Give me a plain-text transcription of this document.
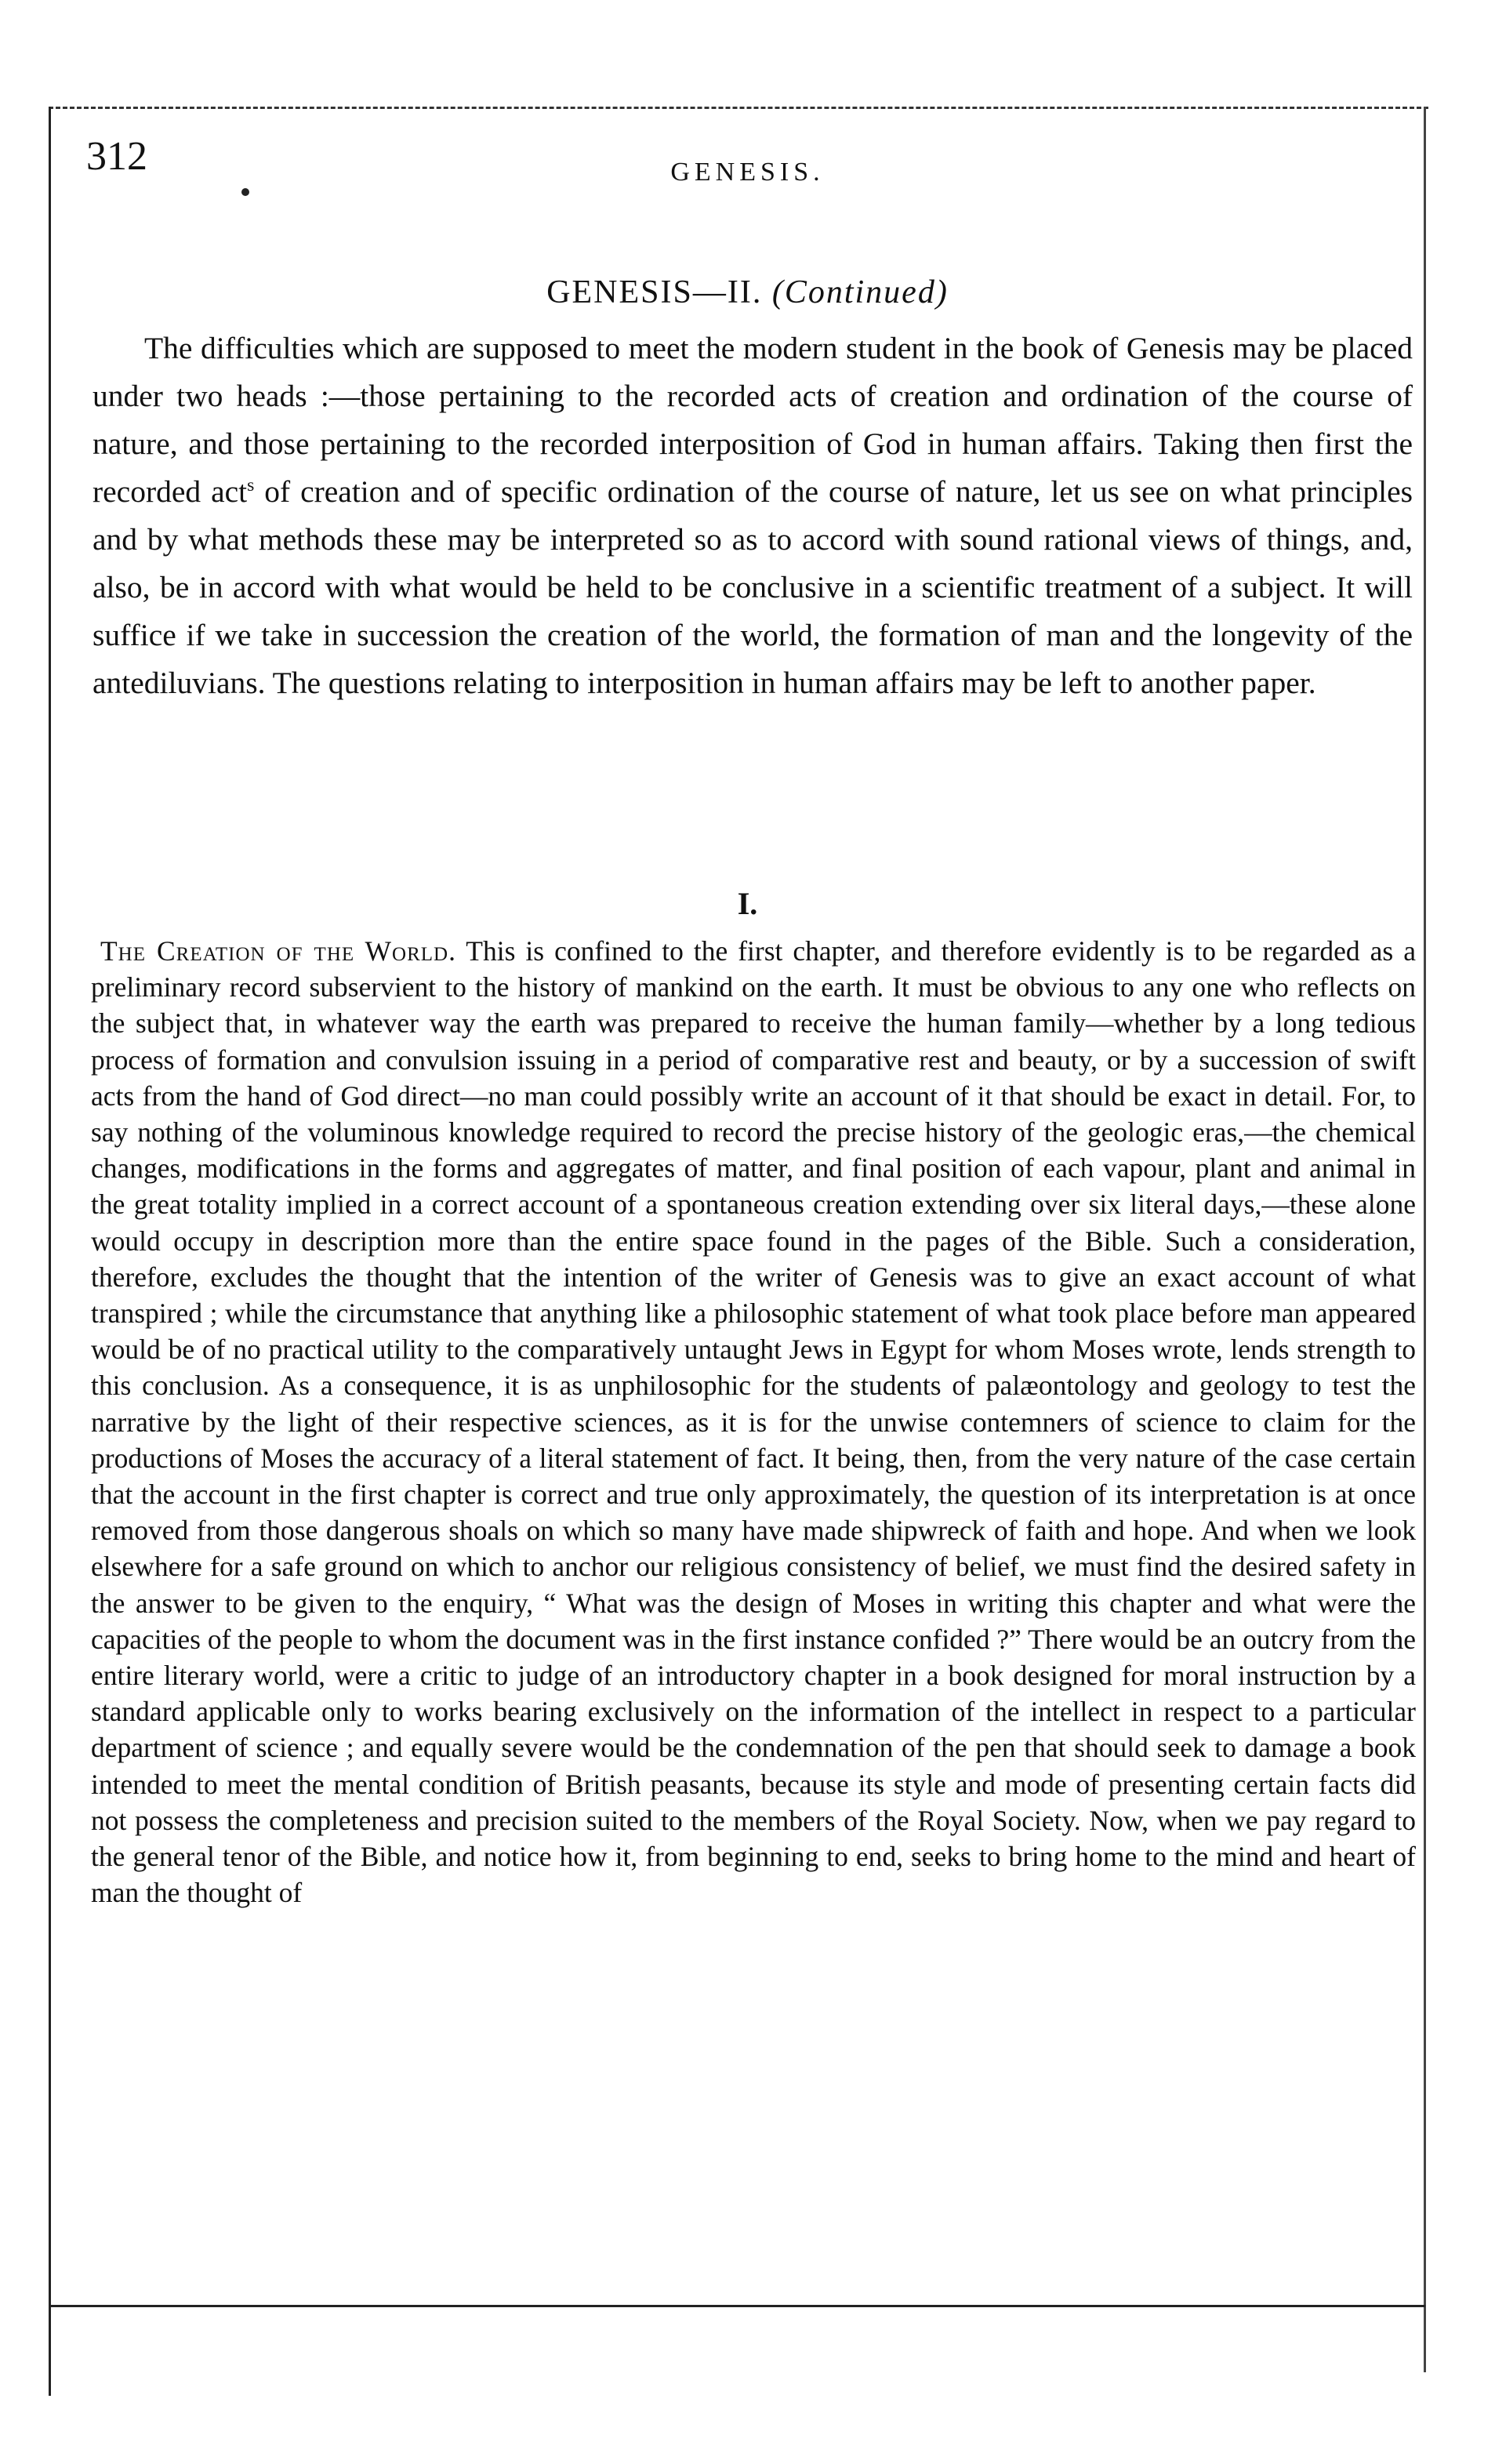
312	GENESIS.
GENESIS—II. (Continued)

The difficulties which are supposed to meet the modern student in the book of Genesis may be placed under two heads :—those pertaining to the recorded acts of creation and ordination of the course of nature, and those pertaining to the recorded interposition of God in human affairs. Taking then first the recorded act$^s$ of creation and of specific ordination of the course of nature, let us see on what principles and by what methods these may be interpreted so as to accord with sound rational views of things, and, also, be in accord with what would be held to be conclusive in a scientific treatment of a subject. It will suffice if we take in succession the creation of the world, the formation of man and the longevity of the antediluvians. The questions relating to interposition in human affairs may be left to another paper.

I.

The Creation of the World. This is confined to the first chapter, and therefore evidently is to be regarded as a preliminary record subservient to the history of mankind on the earth. It must be obvious to any one who reflects on the subject that, in whatever way the earth was prepared to receive the human family—whether by a long tedious process of formation and convulsion issuing in a period of comparative rest and beauty, or by a succession of swift acts from the hand of God direct—no man could possibly write an account of it that should be exact in detail. For, to say nothing of the voluminous knowledge required to record the precise history of the geologic eras,—the chemical changes, modifications in the forms and aggregates of matter, and final position of each vapour, plant and animal in the great totality implied in a correct account of a spontaneous creation extending over six literal days,—these alone would occupy in description more than the entire space found in the pages of the Bible. Such a consideration, therefore, excludes the thought that the intention of the writer of Genesis was to give an exact account of what transpired ; while the circumstance that anything like a philosophic statement of what took place before man appeared would be of no practical utility to the comparatively untaught Jews in Egypt for whom Moses wrote, lends strength to this conclusion. As a consequence, it is as unphilosophic for the students of palæontology and geology to test the narrative by the light of their respective sciences, as it is for the unwise contemners of science to claim for the productions of Moses the accuracy of a literal statement of fact. It being, then, from the very nature of the case certain that the account in the first chapter is correct and true only approximately, the question of its interpretation is at once removed from those dangerous shoals on which so many have made shipwreck of faith and hope. And when we look elsewhere for a safe ground on which to anchor our religious consistency of belief, we must find the desired safety in the answer to be given to the enquiry, “ What was the design of Moses in writing this chapter and what were the capacities of the people to whom the document was in the first instance confided ?” There would be an outcry from the entire literary world, were a critic to judge of an introductory chapter in a book designed for moral instruction by a standard applicable only to works bearing exclusively on the information of the intellect in respect to a particular department of science ; and equally severe would be the condemnation of the pen that should seek to damage a book intended to meet the mental condition of British peasants, because its style and mode of presenting certain facts did not possess the completeness and precision suited to the members of the Royal Society. Now, when we pay regard to the general tenor of the Bible, and notice how it, from beginning to end, seeks to bring home to the mind and heart of man the thought of
